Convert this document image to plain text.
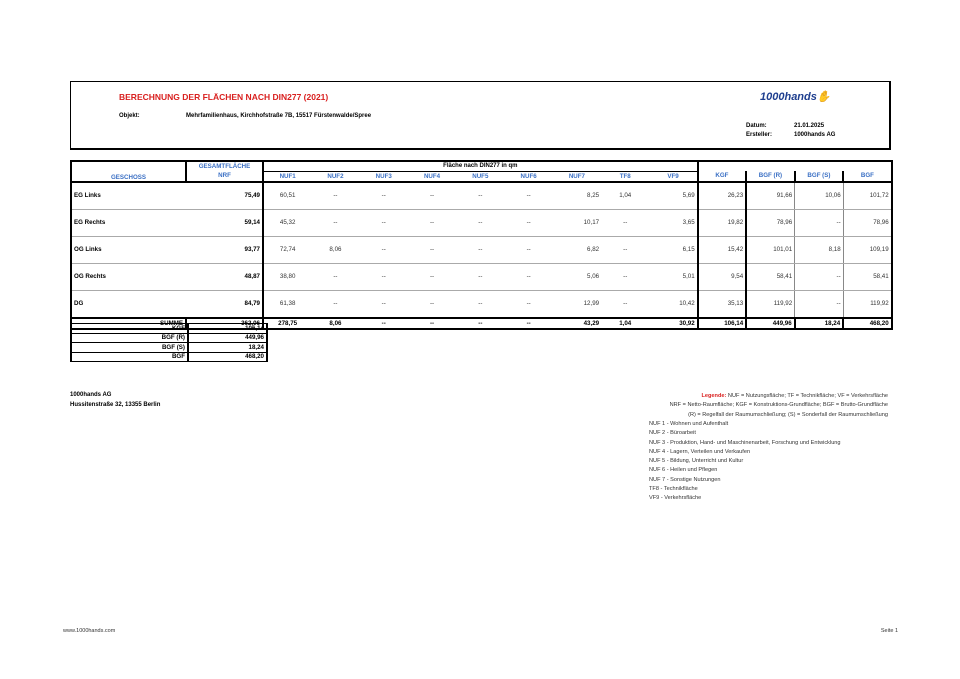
BERECHNUNG DER FLÄCHEN NACH DIN277 (2021)
Objekt:	Mehrfamilienhaus, Kirchhofstraße 7B, 15517 Fürstenwalde/Spree
1000hands✋
Datum:	21.01.2025
Ersteller:	1000hands AG
GESCHOSS	GESAMTFLÄCHE	Fläche nach DIN277 in qm												
	NRF	NUF1	NUF2	NUF3	NUF4	NUF5	NUF6	NUF7	TF8	VF9	KGF	BGF (R)	BGF (S)	BGF
EG Links	75,49	60,51	--	--	--	--	--	8,25	1,04	5,69	26,23	91,66	10,06	101,72
EG Rechts	59,14	45,32	--	--	--	--	--	10,17	--	3,65	19,82	78,96	--	78,96
OG Links	93,77	72,74	8,06	--	--	--	--	6,82	--	6,15	15,42	101,01	8,18	109,19
OG Rechts	48,87	38,80	--	--	--	--	--	5,06	--	5,01	9,54	58,41	--	58,41
DG	84,79	61,38	--	--	--	--	--	12,99	--	10,42	35,13	119,92	--	119,92
SUMME	362,06	278,75	8,06	--	--	--	--	43,29	1,04	30,92	106,14	449,96	18,24	468,20
KGF	106,14
BGF (R)	449,96
BGF (S)	18,24
BGF	468,20
1000hands AG
Hussitenstraße 32, 13355 Berlin
Legende: NUF = Nutzungsfläche; TF = Technikfläche; VF = Verkehrsfläche
NRF = Netto-Raumfläche; KGF = Konstruktions-Grundfläche; BGF = Brutto-Grundfläche
(R) = Regelfall der Raumumschließung; (S) = Sonderfall der Raumumschließung
NUF 1 - Wohnen und Aufenthalt
NUF 2 - Büroarbeit
NUF 3 - Produktion, Hand- und Maschinenarbeit, Forschung und Entwicklung
NUF 4 - Lagern, Verteilen und Verkaufen
NUF 5 - Bildung, Unterricht und Kultur
NUF 6 - Heilen und Pflegen
NUF 7 - Sonstige Nutzungen
TF8 - Technikfläche
VF9 - Verkehrsfläche
www.1000hands.com	Seite 1
